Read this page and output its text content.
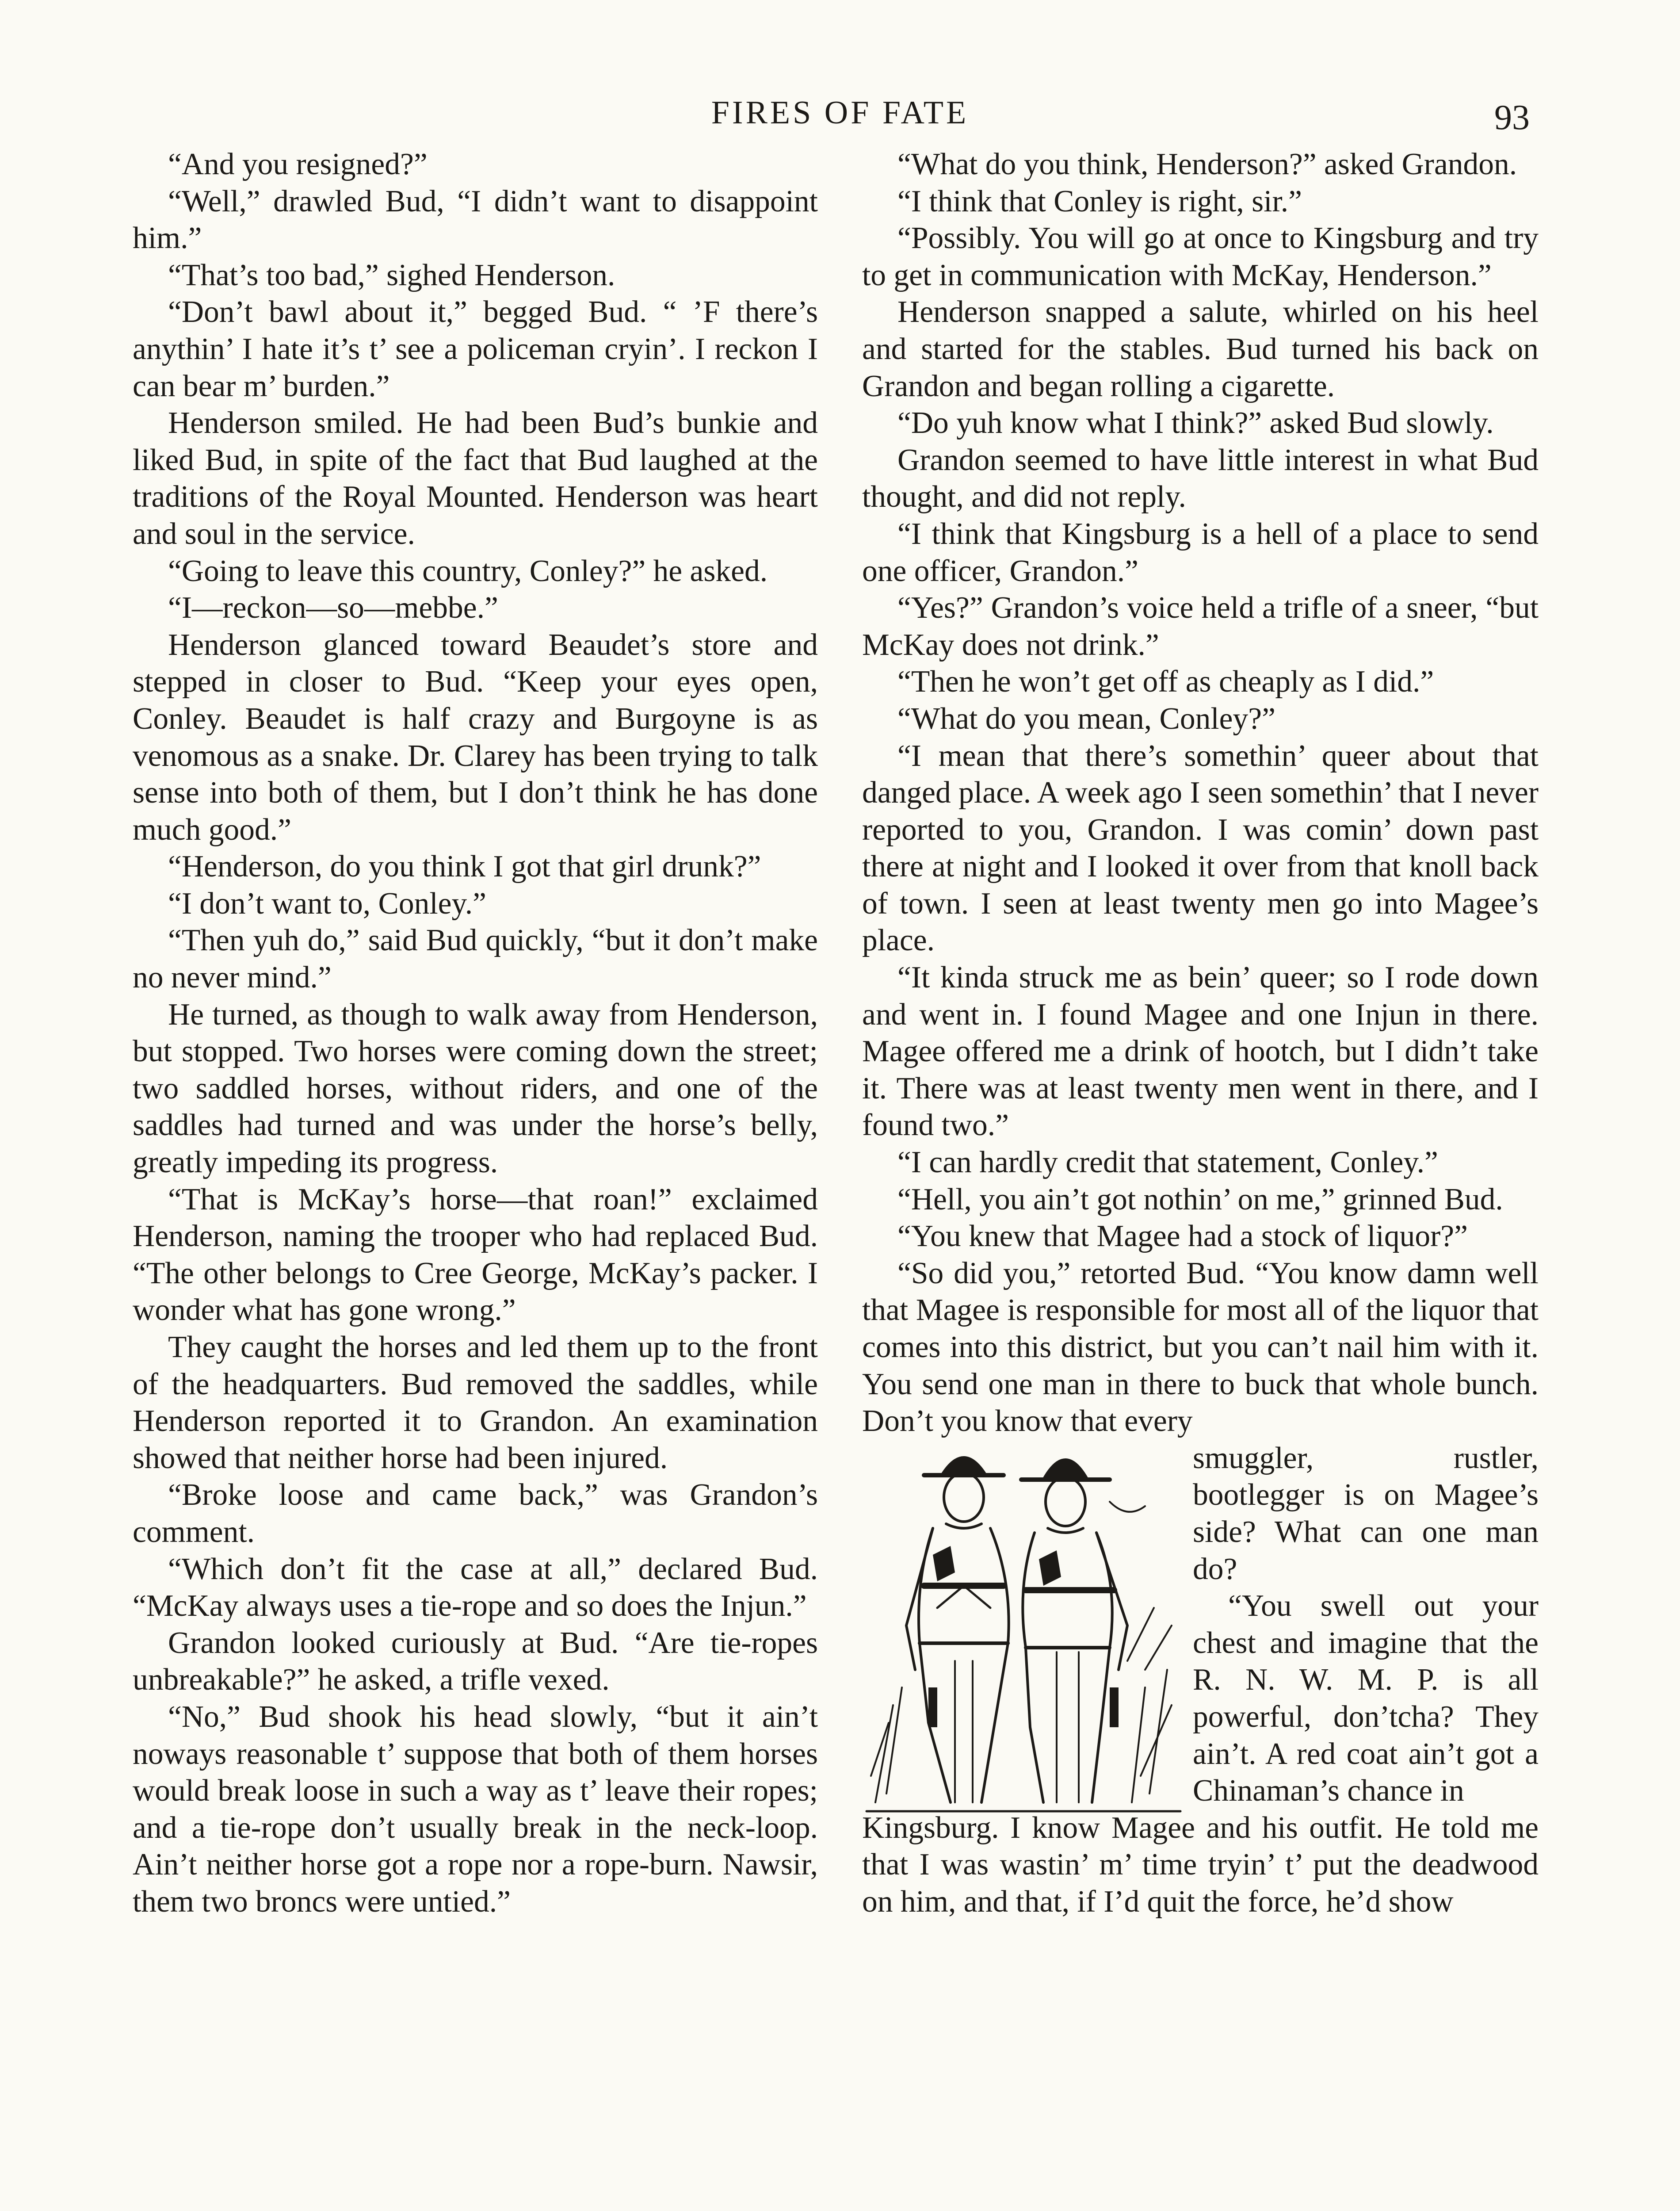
FIRES OF FATE	93

“And you resigned?”

“Well,” drawled Bud, “I didn’t want to disappoint him.”

“That’s too bad,” sighed Henderson.

“Don’t bawl about it,” begged Bud. “ ’F there’s anythin’ I hate it’s t’ see a policeman cryin’. I reckon I can bear m’ burden.”

Henderson smiled. He had been Bud’s bunkie and liked Bud, in spite of the fact that Bud laughed at the traditions of the Royal Mounted. Henderson was heart and soul in the service.

“Going to leave this country, Conley?” he asked.

“I—reckon—so—mebbe.”

Henderson glanced toward Beaudet’s store and stepped in closer to Bud. “Keep your eyes open, Conley. Beaudet is half crazy and Burgoyne is as venomous as a snake. Dr. Clarey has been trying to talk sense into both of them, but I don’t think he has done much good.”

“Henderson, do you think I got that girl drunk?”

“I don’t want to, Conley.”

“Then yuh do,” said Bud quickly, “but it don’t make no never mind.”

He turned, as though to walk away from Henderson, but stopped. Two horses were coming down the street; two saddled horses, without riders, and one of the saddles had turned and was under the horse’s belly, greatly impeding its progress.

“That is McKay’s horse—that roan!” exclaimed Henderson, naming the trooper who had replaced Bud. “The other belongs to Cree George, McKay’s packer. I wonder what has gone wrong.”

They caught the horses and led them up to the front of the headquarters. Bud removed the saddles, while Henderson reported it to Grandon. An examination showed that neither horse had been injured.

“Broke loose and came back,” was Grandon’s comment.

“Which don’t fit the case at all,” declared Bud. “McKay always uses a tie-rope and so does the Injun.”

Grandon looked curiously at Bud. “Are tie-ropes unbreakable?” he asked, a trifle vexed.

“No,” Bud shook his head slowly, “but it ain’t noways reasonable t’ suppose that both of them horses would break loose in such a way as t’ leave their ropes; and a tie-rope don’t usually break in the neck-loop. Ain’t neither horse got a rope nor a rope-burn. Nawsir, them two broncs were untied.”

“What do you think, Henderson?” asked Grandon.

“I think that Conley is right, sir.”

“Possibly. You will go at once to Kingsburg and try to get in communication with McKay, Henderson.”

Henderson snapped a salute, whirled on his heel and started for the stables. Bud turned his back on Grandon and began rolling a cigarette.

“Do yuh know what I think?” asked Bud slowly.

Grandon seemed to have little interest in what Bud thought, and did not reply.

“I think that Kingsburg is a hell of a place to send one officer, Grandon.”

“Yes?” Grandon’s voice held a trifle of a sneer, “but McKay does not drink.”

“Then he won’t get off as cheaply as I did.”

“What do you mean, Conley?”

“I mean that there’s somethin’ queer about that danged place. A week ago I seen somethin’ that I never reported to you, Grandon. I was comin’ down past there at night and I looked it over from that knoll back of town. I seen at least twenty men go into Magee’s place.

“It kinda struck me as bein’ queer; so I rode down and went in. I found Magee and one Injun in there. Magee offered me a drink of hootch, but I didn’t take it. There was at least twenty men went in there, and I found two.”

“I can hardly credit that statement, Conley.”

“Hell, you ain’t got nothin’ on me,” grinned Bud.

“You knew that Magee had a stock of liquor?”

“So did you,” retorted Bud. “You know damn well that Magee is responsible for most all of the liquor that comes into this district, but you can’t nail him with it. You send one man in there to buck that whole bunch. Don’t you know that every

smuggler, rustler, bootlegger is on Magee’s side? What can one man do?

“You swell out your chest and imagine that the R. N. W. M. P. is all powerful, don’tcha? They ain’t. A red coat ain’t got a Chinaman’s chance in

Kingsburg. I know Magee and his outfit. He told me that I was wastin’ m’ time tryin’ t’ put the deadwood on him, and that, if I’d quit the force, he’d show
